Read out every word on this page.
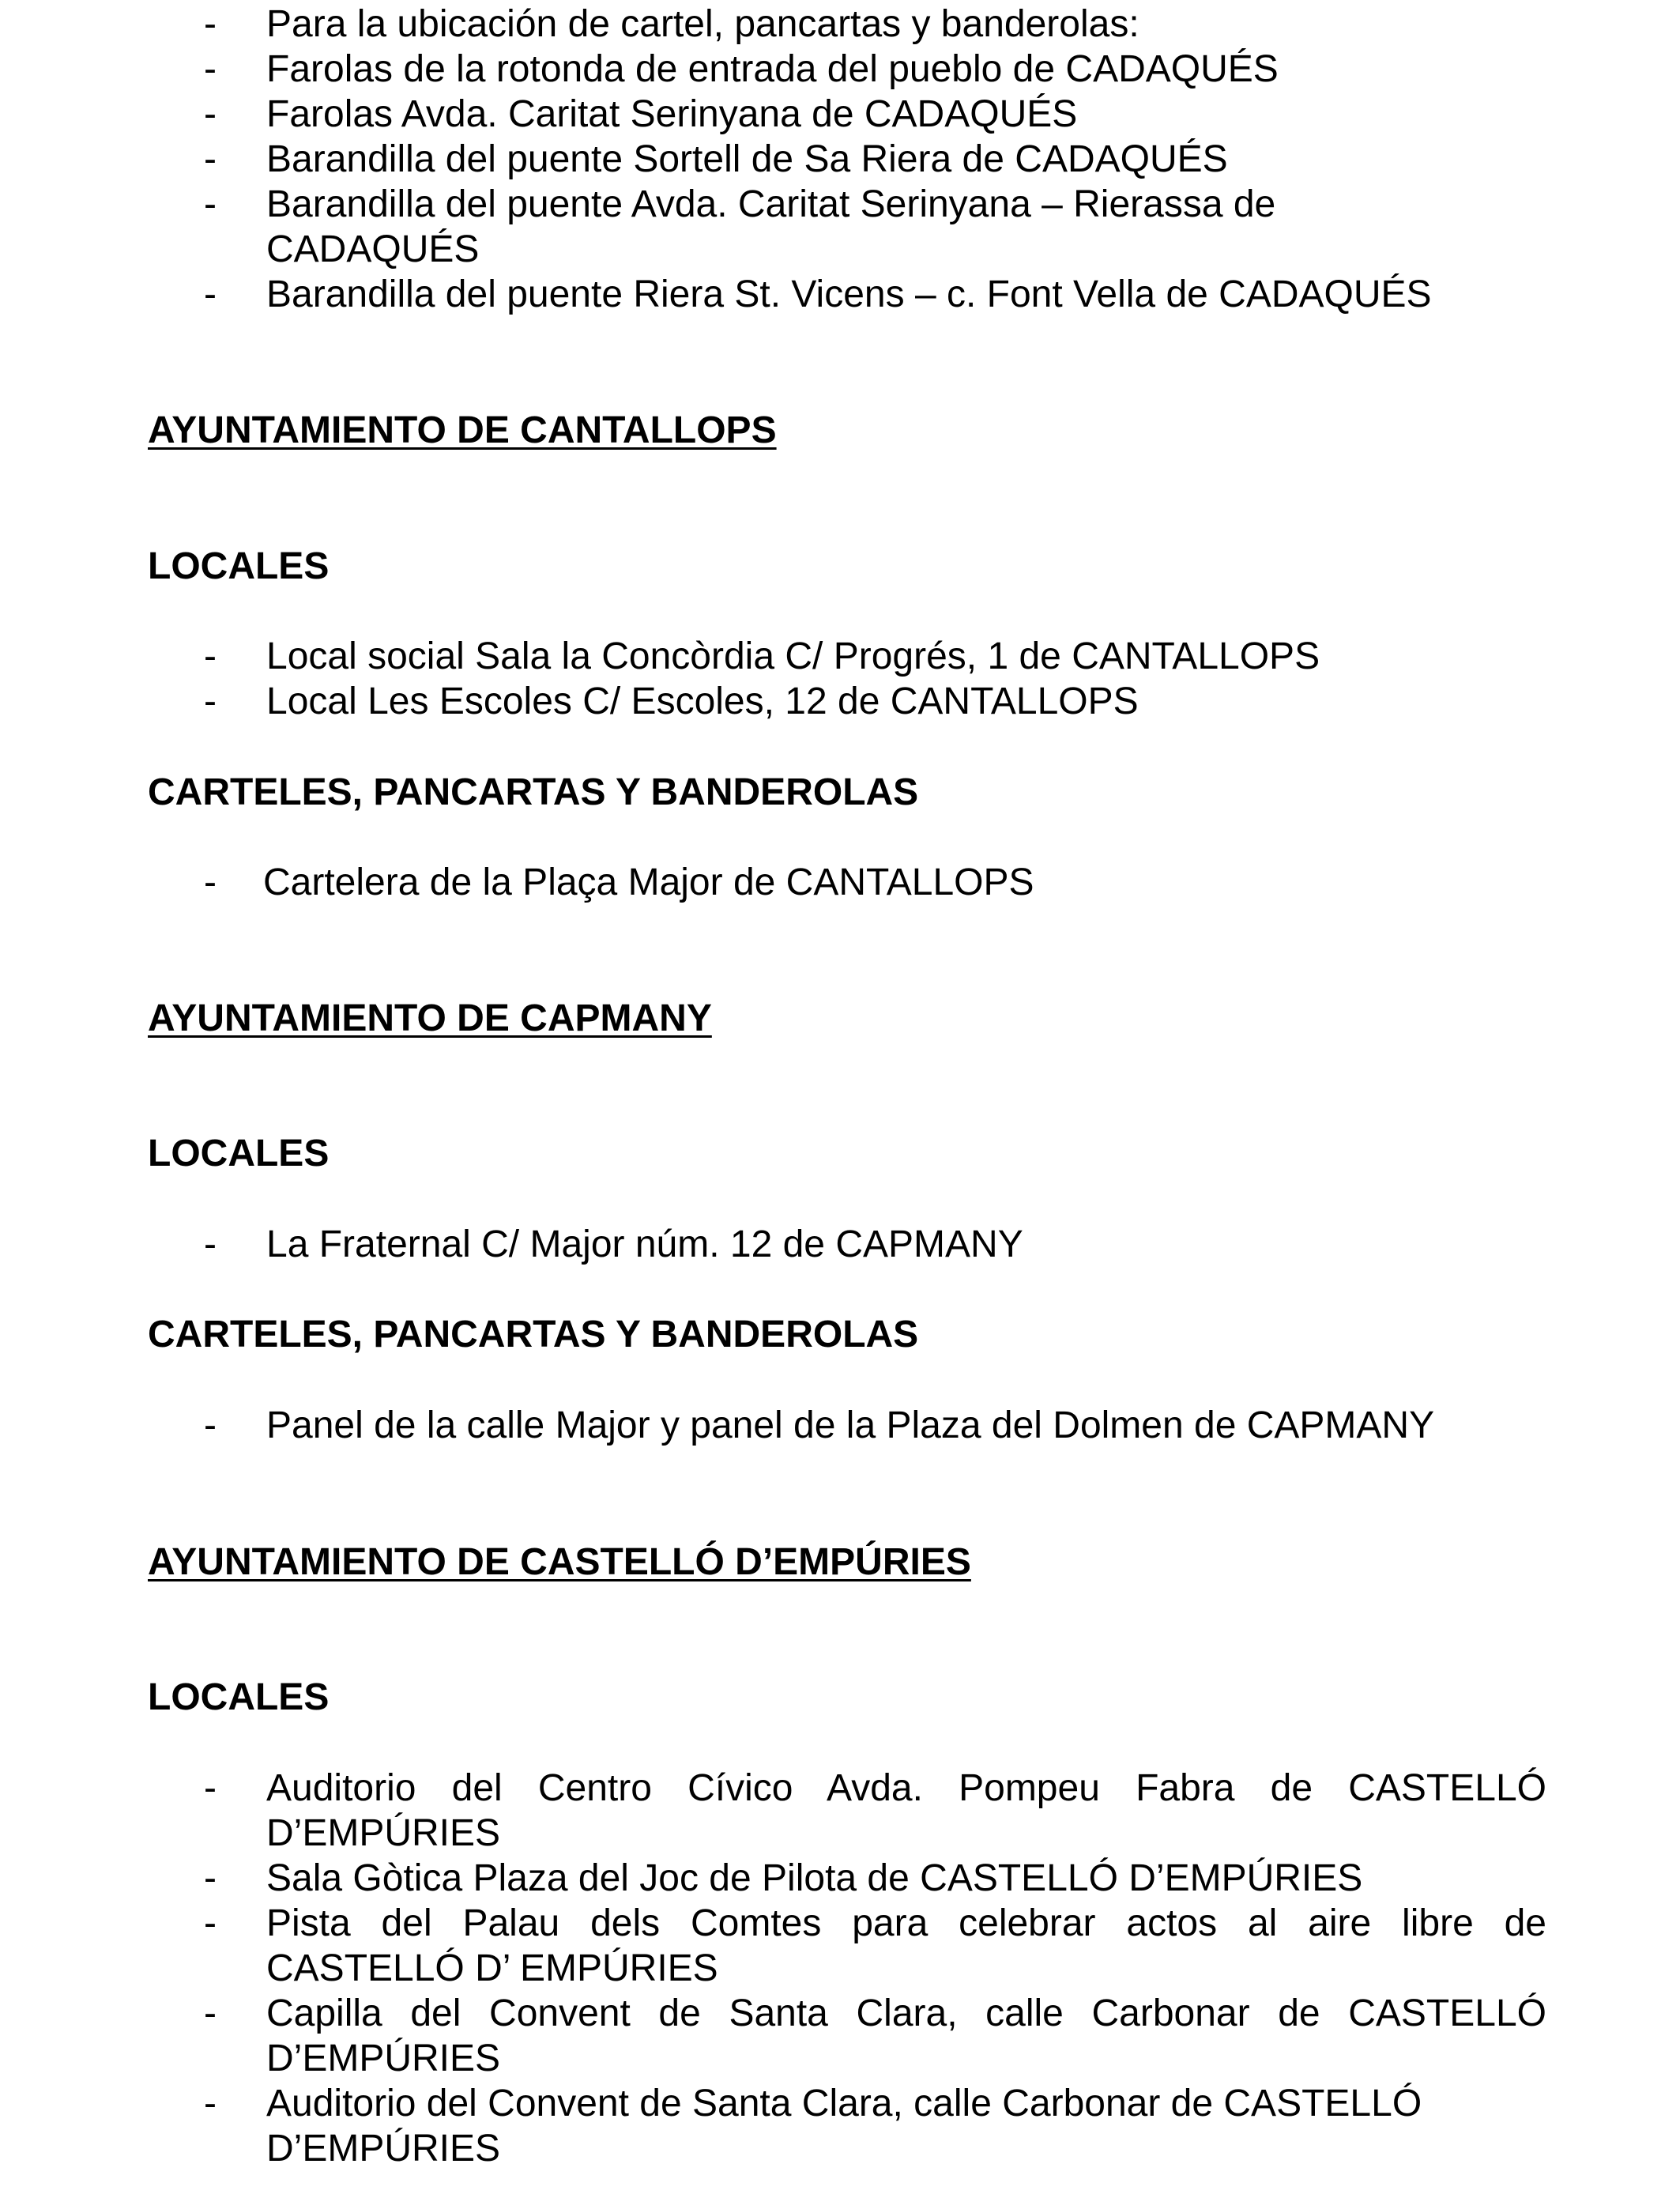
- Para la ubicación de cartel, pancartas y banderolas:
- Farolas de la rotonda de entrada del pueblo de CADAQUÉS
- Farolas Avda. Caritat Serinyana de CADAQUÉS
- Barandilla del puente Sortell de Sa Riera de CADAQUÉS
- Barandilla del puente Avda. Caritat Serinyana – Rierassa de
CADAQUÉS
- Barandilla del puente Riera St. Vicens – c. Font Vella de CADAQUÉS
AYUNTAMIENTO DE CANTALLOPS
LOCALES
- Local social Sala la Concòrdia C/ Progrés, 1 de CANTALLOPS
- Local Les Escoles C/ Escoles, 12 de CANTALLOPS
CARTELES, PANCARTAS Y BANDEROLAS
- Cartelera de la Plaça Major de CANTALLOPS
AYUNTAMIENTO DE CAPMANY
LOCALES
- La Fraternal C/ Major núm. 12 de CAPMANY
CARTELES, PANCARTAS Y BANDEROLAS
- Panel de la calle Major y panel de la Plaza del Dolmen de CAPMANY
AYUNTAMIENTO DE CASTELLÓ D’EMPÚRIES
LOCALES
- Auditorio del Centro Cívico Avda. Pompeu Fabra de CASTELLÓ
D’EMPÚRIES
- Sala Gòtica Plaza del Joc de Pilota de CASTELLÓ D’EMPÚRIES
- Pista del Palau dels Comtes para celebrar actos al aire libre de
CASTELLÓ D’ EMPÚRIES
- Capilla del Convent de Santa Clara, calle Carbonar de CASTELLÓ
D’EMPÚRIES
- Auditorio del Convent de Santa Clara, calle Carbonar de CASTELLÓ
D’EMPÚRIES
